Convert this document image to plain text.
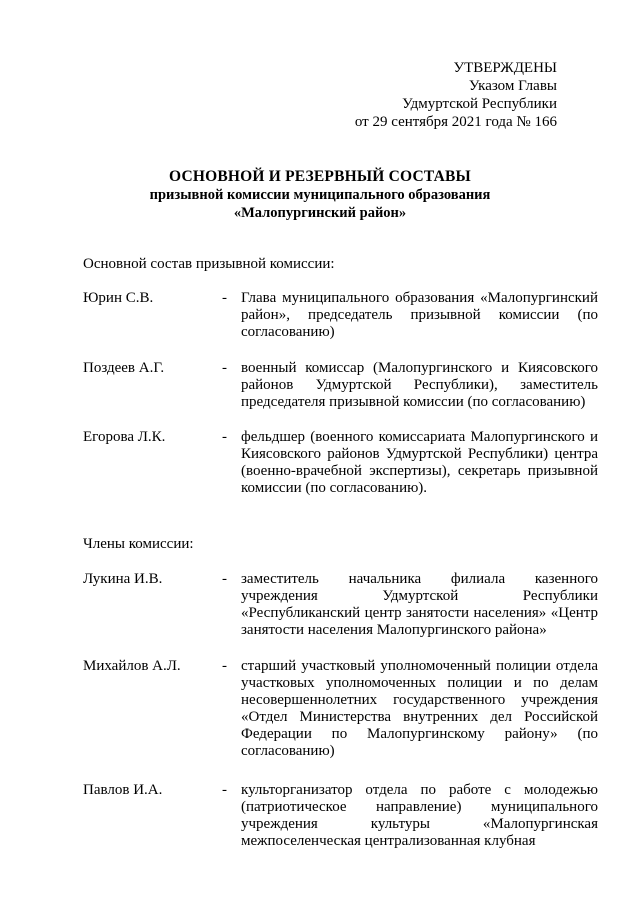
УТВЕРЖДЕНЫ
Указом Главы
Удмуртской Республики
от 29 сентября 2021 года № 166
ОСНОВНОЙ И РЕЗЕРВНЫЙ СОСТАВЫ
призывной комиссии муниципального образования
«Малопургинский район»
Основной состав призывной комиссии:
Юрин С.В.	- Глава муниципального образования «Малопургинский район», председатель призывной комиссии (по согласованию)
Поздеев А.Г.	- военный комиссар (Малопургинского и Киясовского районов Удмуртской Республики), заместитель председателя призывной комиссии (по согласованию)
Егорова Л.К.	- фельдшер (военного комиссариата Малопургинского и Киясовского районов Удмуртской Республики) центра (военно-врачебной экспертизы), секретарь призывной комиссии (по согласованию).
Члены комиссии:
Лукина И.В.	- заместитель начальника филиала казенного учреждения Удмуртской Республики «Республиканский центр занятости населения» «Центр занятости населения Малопургинского района»
Михайлов А.Л.	- старший участковый уполномоченный полиции отдела участковых уполномоченных полиции и по делам несовершеннолетних государственного учреждения «Отдел Министерства внутренних дел Российской Федерации по Малопургинскому району» (по согласованию)
Павлов И.А.	- культорганизатор отдела по работе с молодежью (патриотическое направление) муниципального учреждения культуры «Малопургинская межпоселенческая централизованная клубная
